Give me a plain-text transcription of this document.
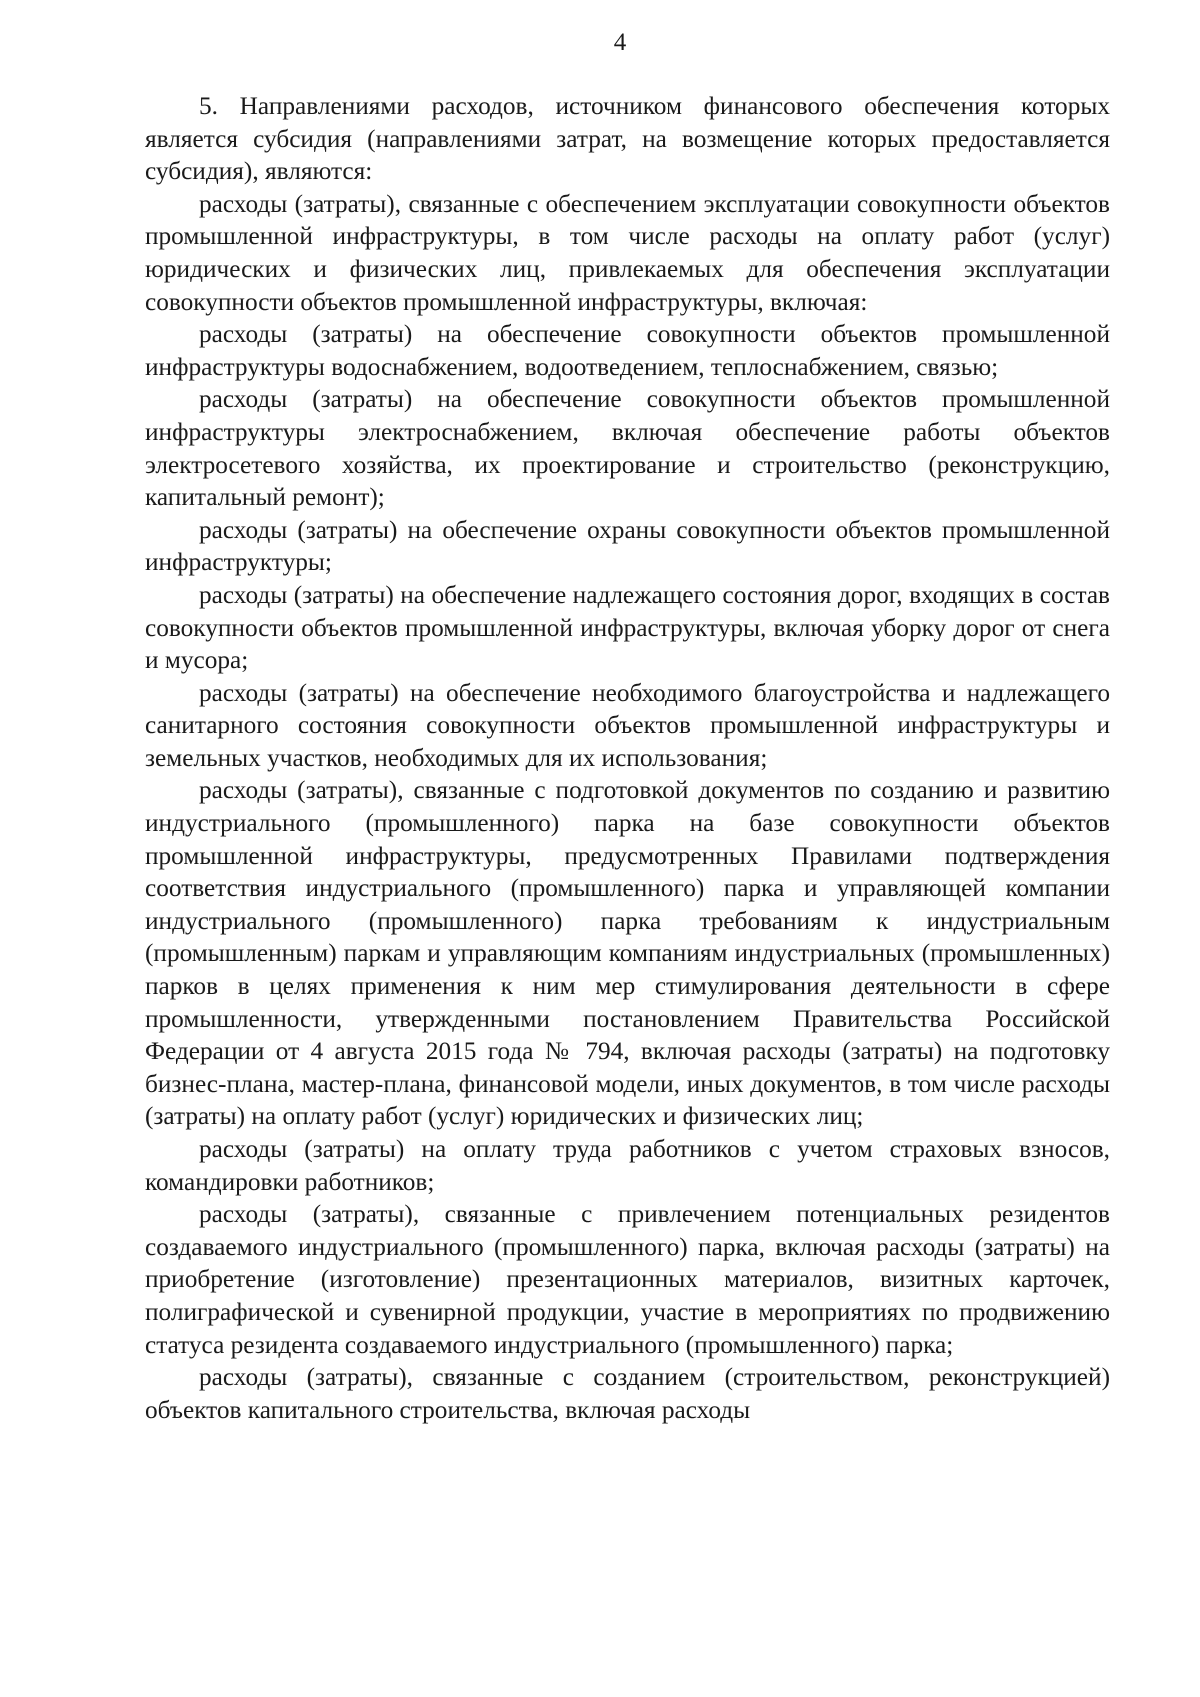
4

5. Направлениями расходов, источником финансового обеспечения которых является субсидия (направлениями затрат, на возмещение которых предоставляется субсидия), являются:

расходы (затраты), связанные с обеспечением эксплуатации совокупности объектов промышленной инфраструктуры, в том числе расходы на оплату работ (услуг) юридических и физических лиц, привлекаемых для обеспечения эксплуатации совокупности объектов промышленной инфраструктуры, включая:

расходы (затраты) на обеспечение совокупности объектов промышленной инфраструктуры водоснабжением, водоотведением, теплоснабжением, связью;

расходы (затраты) на обеспечение совокупности объектов промышленной инфраструктуры электроснабжением, включая обеспечение работы объектов электросетевого хозяйства, их проектирование и строительство (реконструкцию, капитальный ремонт);

расходы (затраты) на обеспечение охраны совокупности объектов промышленной инфраструктуры;

расходы (затраты) на обеспечение надлежащего состояния дорог, входящих в состав совокупности объектов промышленной инфраструктуры, включая уборку дорог от снега и мусора;

расходы (затраты) на обеспечение необходимого благоустройства и надлежащего санитарного состояния совокупности объектов промышленной инфраструктуры и земельных участков, необходимых для их использования;

расходы (затраты), связанные с подготовкой документов по созданию и развитию индустриального (промышленного) парка на базе совокупности объектов промышленной инфраструктуры, предусмотренных Правилами подтверждения соответствия индустриального (промышленного) парка и управляющей компании индустриального (промышленного) парка требованиям к индустриальным (промышленным) паркам и управляющим компаниям индустриальных (промышленных) парков в целях применения к ним мер стимулирования деятельности в сфере промышленности, утвержденными постановлением Правительства Российской Федерации от 4 августа 2015 года № 794, включая расходы (затраты) на подготовку бизнес-плана, мастер-плана, финансовой модели, иных документов, в том числе расходы (затраты) на оплату работ (услуг) юридических и физических лиц;

расходы (затраты) на оплату труда работников с учетом страховых взносов, командировки работников;

расходы (затраты), связанные с привлечением потенциальных резидентов создаваемого индустриального (промышленного) парка, включая расходы (затраты) на приобретение (изготовление) презентационных материалов, визитных карточек, полиграфической и сувенирной продукции, участие в мероприятиях по продвижению статуса резидента создаваемого индустриального (промышленного) парка;

расходы (затраты), связанные с созданием (строительством, реконструкцией) объектов капитального строительства, включая расходы
